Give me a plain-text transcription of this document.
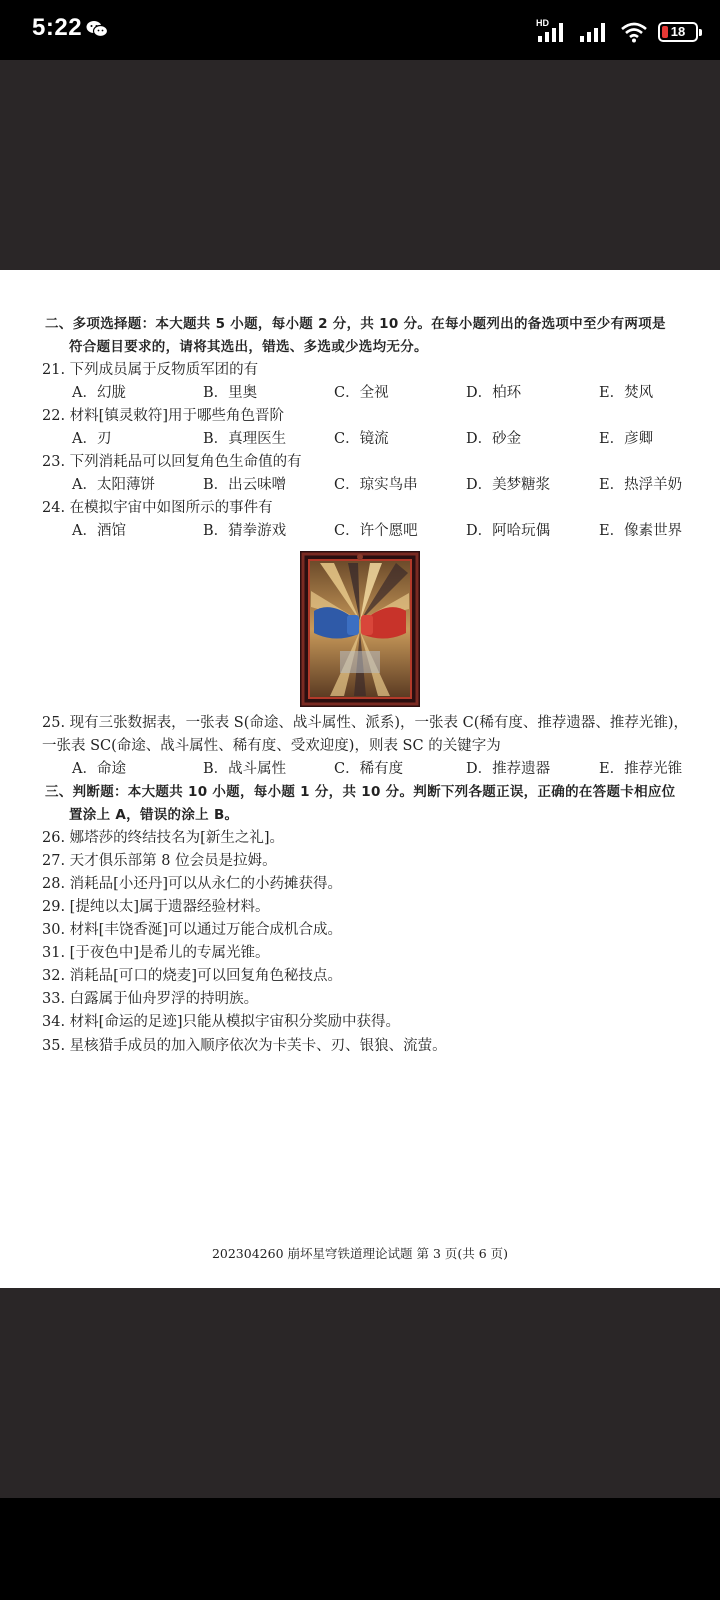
5:22	HD
18
二、多项选择题：本大题共 5 小题，每小题 2 分，共 10 分。在每小题列出的备选项中至少有两项是
符合题目要求的，请将其选出，错选、多选或少选均无分。
21. 下列成员属于反物质军团的有
A．幻胧	B．里奥	C．全视	D．柏环	E．焚风
22. 材料[镇灵敕符]用于哪些角色晋阶
A．刃	B．真理医生	C．镜流	D．砂金	E．彦卿
23. 下列消耗品可以回复角色生命值的有
A．太阳薄饼	B．出云味噌	C．琼实鸟串	D．美梦糖浆	E．热浮羊奶
24. 在模拟宇宙中如图所示的事件有
A．酒馆	B．猜拳游戏	C．许个愿吧	D．阿哈玩偶	E．像素世界
25. 现有三张数据表，一张表 S(命途、战斗属性、派系)，一张表 C(稀有度、推荐遗器、推荐光锥)，
一张表 SC(命途、战斗属性、稀有度、受欢迎度)，则表 SC 的关键字为
A．命途	B．战斗属性	C．稀有度	D．推荐遗器	E．推荐光锥
三、判断题：本大题共 10 小题，每小题 1 分，共 10 分。判断下列各题正误，正确的在答题卡相应位
置涂上 A，错误的涂上 B。
26. 娜塔莎的终结技名为[新生之礼]。
27. 天才俱乐部第 8 位会员是拉姆。
28. 消耗品[小还丹]可以从永仁的小药摊获得。
29. [提纯以太]属于遗器经验材料。
30. 材料[丰饶香涎]可以通过万能合成机合成。
31. [于夜色中]是希儿的专属光锥。
32. 消耗品[可口的烧麦]可以回复角色秘技点。
33. 白露属于仙舟罗浮的持明族。
34. 材料[命运的足迹]只能从模拟宇宙积分奖励中获得。
35. 星核猎手成员的加入顺序依次为卡芙卡、刃、银狼、流萤。
202304260 崩坏星穹铁道理论试题 第 3 页(共 6 页)
